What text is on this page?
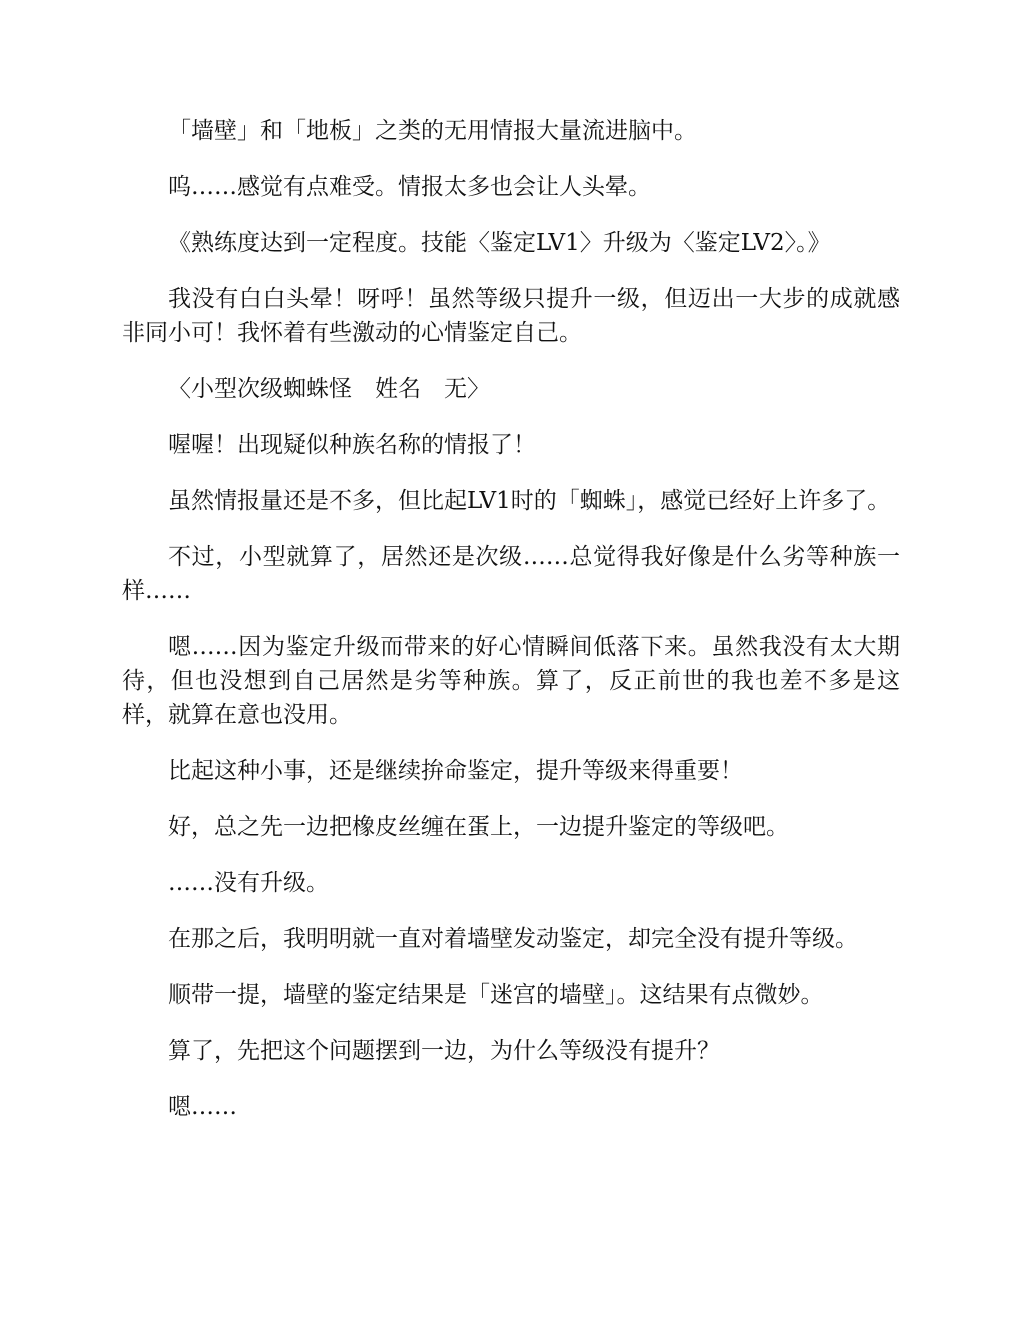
「墙壁」和「地板」之类的无用情报大量流进脑中。

呜……感觉有点难受。情报太多也会让人头晕。

《熟练度达到一定程度。技能〈鉴定LV1〉升级为〈鉴定LV2〉。》

我没有白白头晕！呀呼！虽然等级只提升一级，但迈出一大步的成就感非同小可！我怀着有些激动的心情鉴定自己。

〈小型次级蜘蛛怪　姓名　无〉

喔喔！出现疑似种族名称的情报了！

虽然情报量还是不多，但比起LV1时的「蜘蛛」，感觉已经好上许多了。

不过，小型就算了，居然还是次级……总觉得我好像是什么劣等种族一样……

嗯……因为鉴定升级而带来的好心情瞬间低落下来。虽然我没有太大期待，但也没想到自己居然是劣等种族。算了，反正前世的我也差不多是这样，就算在意也没用。

比起这种小事，还是继续拚命鉴定，提升等级来得重要！

好，总之先一边把橡皮丝缠在蛋上，一边提升鉴定的等级吧。

……没有升级。

在那之后，我明明就一直对着墙壁发动鉴定，却完全没有提升等级。

顺带一提，墙壁的鉴定结果是「迷宫的墙壁」。这结果有点微妙。

算了，先把这个问题摆到一边，为什么等级没有提升？

嗯……
